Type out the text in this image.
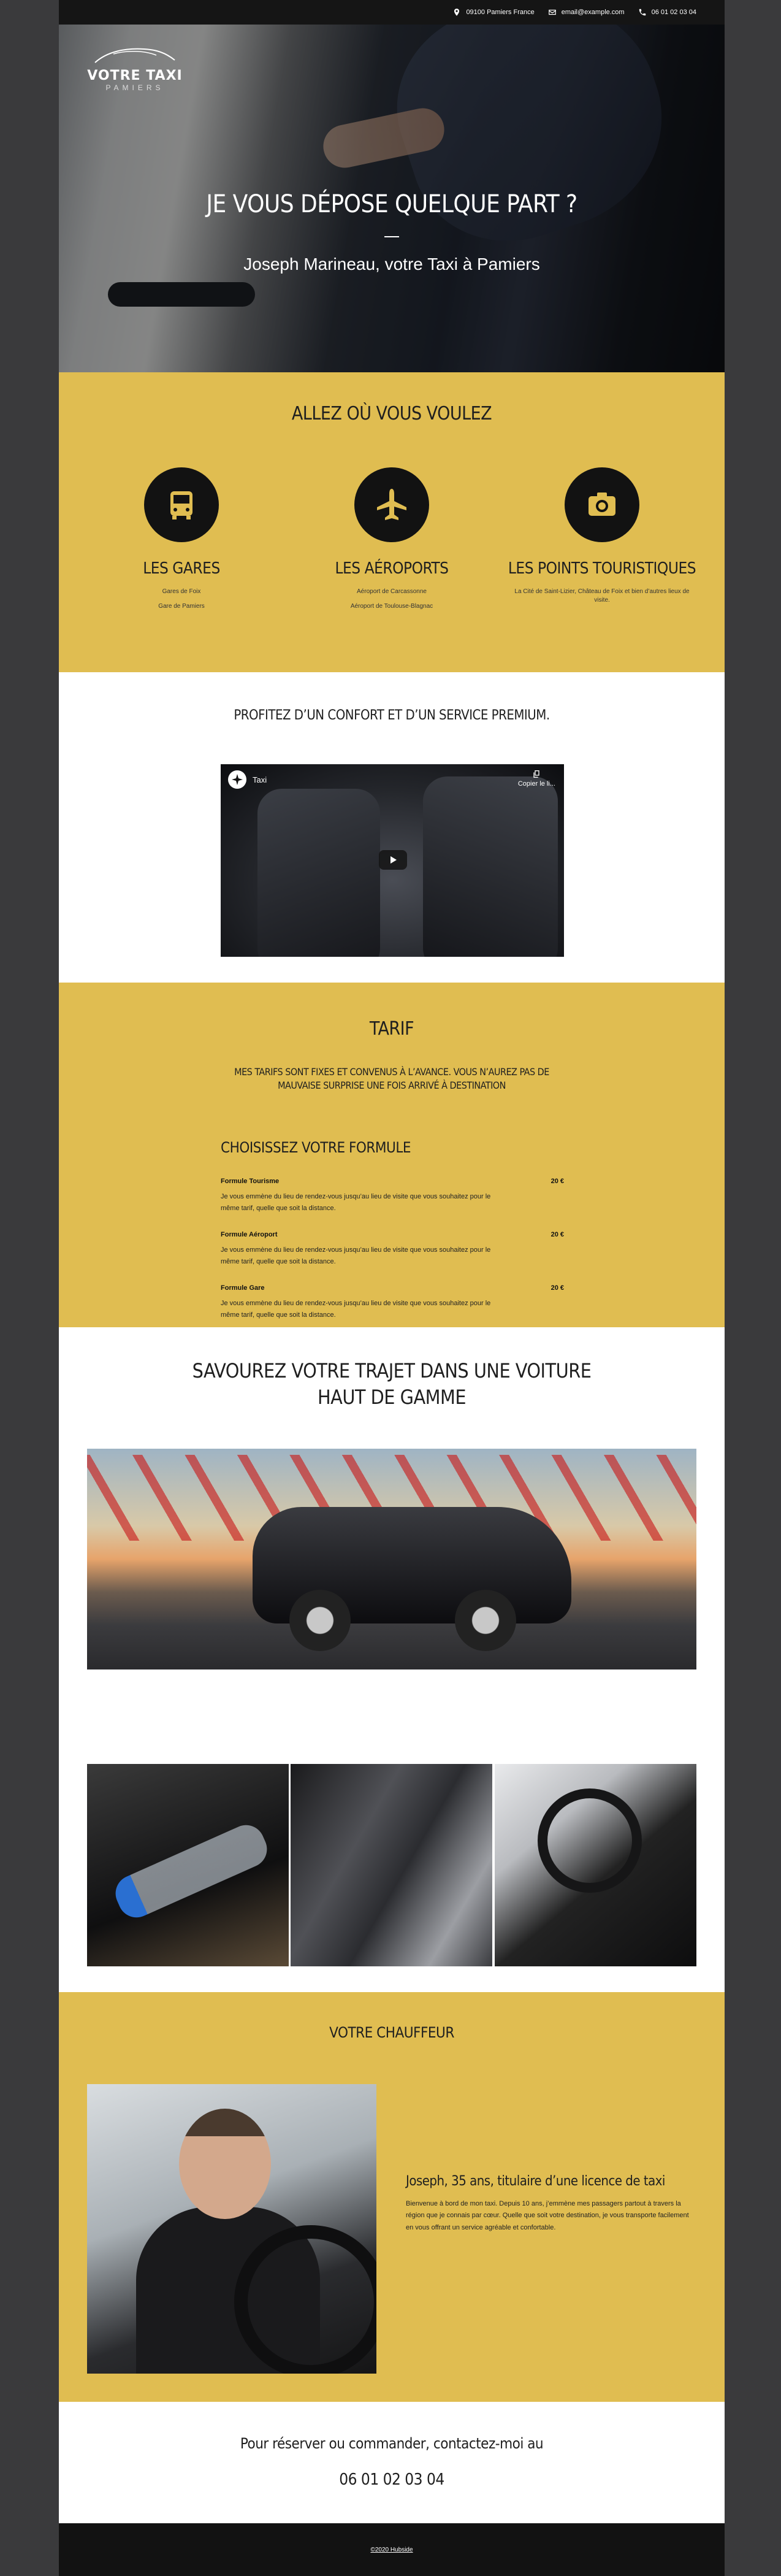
09100 Pamiers France	email@example.com	06 01 02 03 04
VOTRE TAXI
PAMIERS
JE VOUS DÉPOSE QUELQUE PART ?
Joseph Marineau, votre Taxi à Pamiers
ALLEZ OÙ VOUS VOULEZ
LES GARES

Gares de Foix

Gare de Pamiers

LES AÉROPORTS

Aéroport de Carcassonne

Aéroport de Toulouse-Blagnac

LES POINTS TOURISTIQUES

La Cité de Saint-Lizier, Château de Foix et bien d’autres lieux de visite.

PROFITEZ D’UN CONFORT ET D’UN SERVICE PREMIUM.
Taxi	Copier le li...
TARIF
MES TARIFS SONT FIXES ET CONVENUS À L’AVANCE. VOUS N’AUREZ PAS DE
MAUVAISE SURPRISE UNE FOIS ARRIVÉ À DESTINATION
CHOISISSEZ VOTRE FORMULE
Formule Tourisme	20 €
Je vous emmène du lieu de rendez-vous jusqu’au lieu de visite que vous souhaitez pour le même tarif, quelle que soit la distance.
Formule Aéroport	20 €
Je vous emmène du lieu de rendez-vous jusqu’au lieu de visite que vous souhaitez pour le même tarif, quelle que soit la distance.
Formule Gare	20 €
Je vous emmène du lieu de rendez-vous jusqu’au lieu de visite que vous souhaitez pour le même tarif, quelle que soit la distance.
SAVOUREZ VOTRE TRAJET DANS UNE VOITURE
HAUT DE GAMME
VOTRE CHAUFFEUR
Joseph, 35 ans, titulaire d’une licence de taxi
Bienvenue à bord de mon taxi. Depuis 10 ans, j’emmène mes passagers partout à travers la région que je connais par cœur. Quelle que soit votre destination, je vous transporte facilement en vous offrant un service agréable et confortable.
Pour réserver ou commander, contactez-moi au
06 01 02 03 04
©2020 Hubside
